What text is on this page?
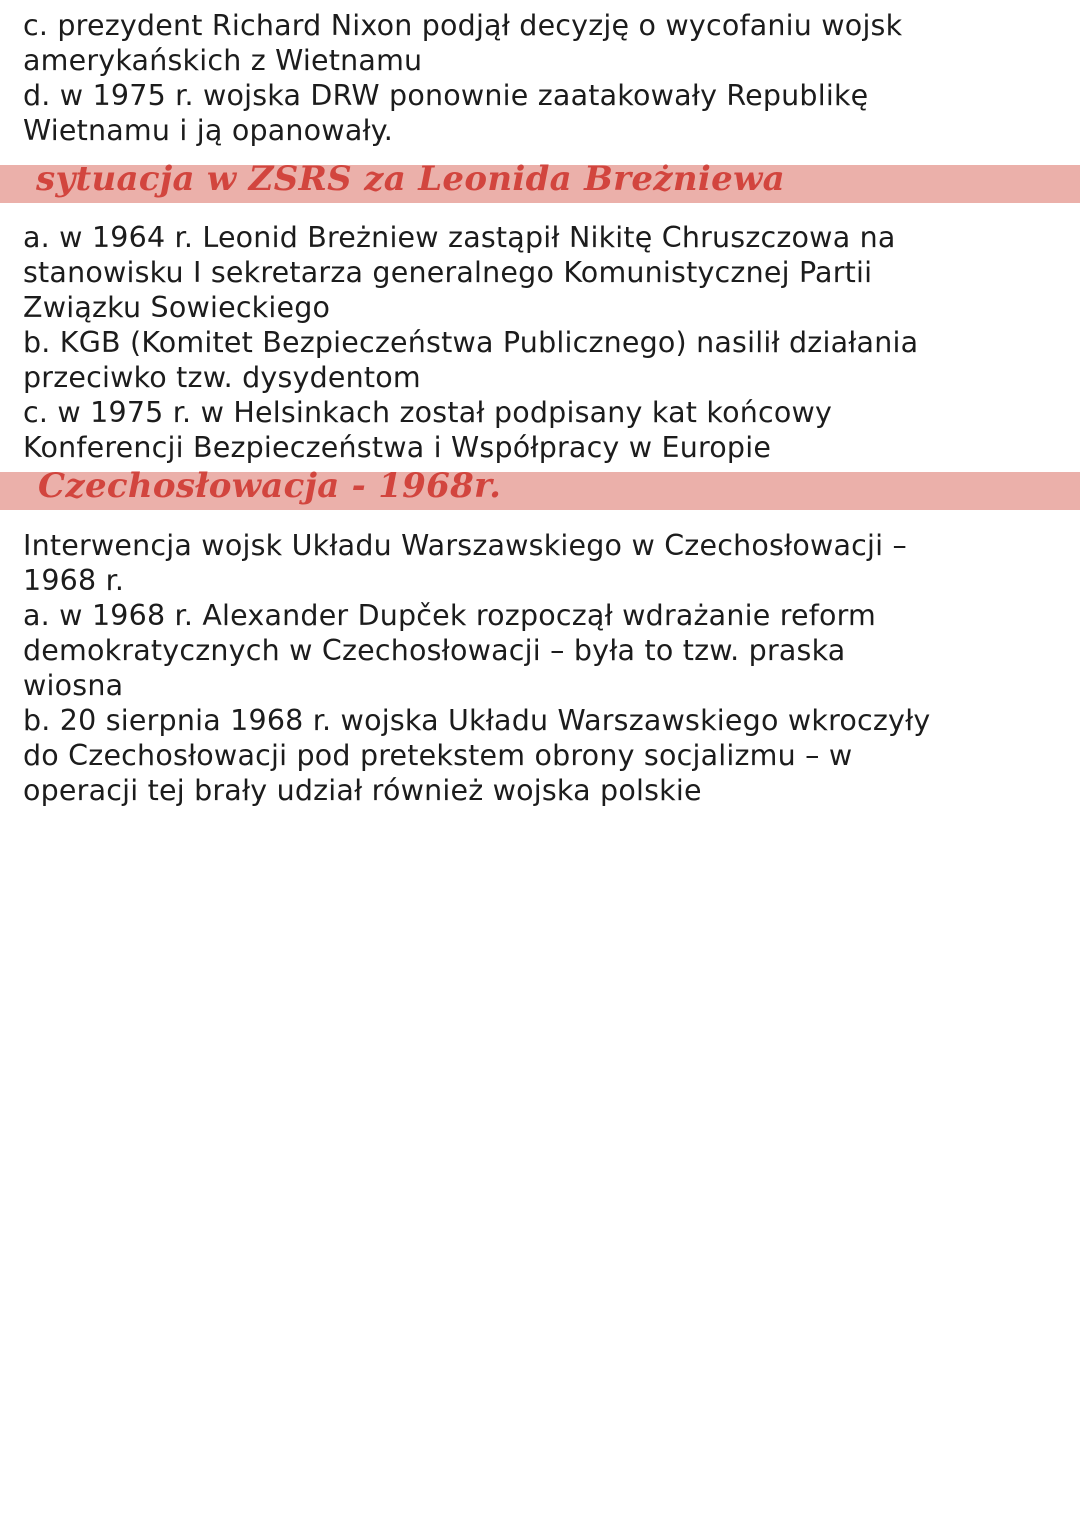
c. prezydent Richard Nixon podjął decyzję o wycofaniu wojsk
amerykańskich z Wietnamu
d. w 1975 r. wojska DRW ponownie zaatakowały Republikę
Wietnamu i ją opanowały.
sytuacja w ZSRS za Leonida Breżniewa
a. w 1964 r. Leonid Breżniew zastąpił Nikitę Chruszczowa na
stanowisku I sekretarza generalnego Komunistycznej Partii
Związku Sowieckiego
b. KGB (Komitet Bezpieczeństwa Publicznego) nasilił działania
przeciwko tzw. dysydentom
c. w 1975 r. w Helsinkach został podpisany kat końcowy
Konferencji Bezpieczeństwa i Współpracy w Europie
Czechosłowacja - 1968r.
Interwencja wojsk Układu Warszawskiego w Czechosłowacji –
1968 r.
a. w 1968 r. Alexander Dupček rozpoczął wdrażanie reform
demokratycznych w Czechosłowacji – była to tzw. praska
wiosna
b. 20 sierpnia 1968 r. wojska Układu Warszawskiego wkroczyły
do Czechosłowacji pod pretekstem obrony socjalizmu – w
operacji tej brały udział również wojska polskie
